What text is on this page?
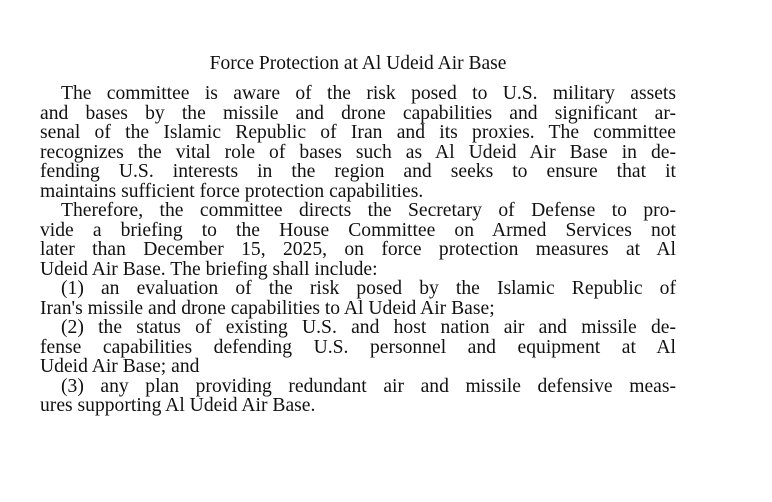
Force Protection at Al Udeid Air Base
The committee is aware of the risk posed to U.S. military assets
and bases by the missile and drone capabilities and significant ar-
senal of the Islamic Republic of Iran and its proxies. The committee
recognizes the vital role of bases such as Al Udeid Air Base in de-
fending U.S. interests in the region and seeks to ensure that it
maintains sufficient force protection capabilities.
Therefore, the committee directs the Secretary of Defense to pro-
vide a briefing to the House Committee on Armed Services not
later than December 15, 2025, on force protection measures at Al
Udeid Air Base. The briefing shall include:
(1) an evaluation of the risk posed by the Islamic Republic of
Iran's missile and drone capabilities to Al Udeid Air Base;
(2) the status of existing U.S. and host nation air and missile de-
fense capabilities defending U.S. personnel and equipment at Al
Udeid Air Base; and
(3) any plan providing redundant air and missile defensive meas-
ures supporting Al Udeid Air Base.
